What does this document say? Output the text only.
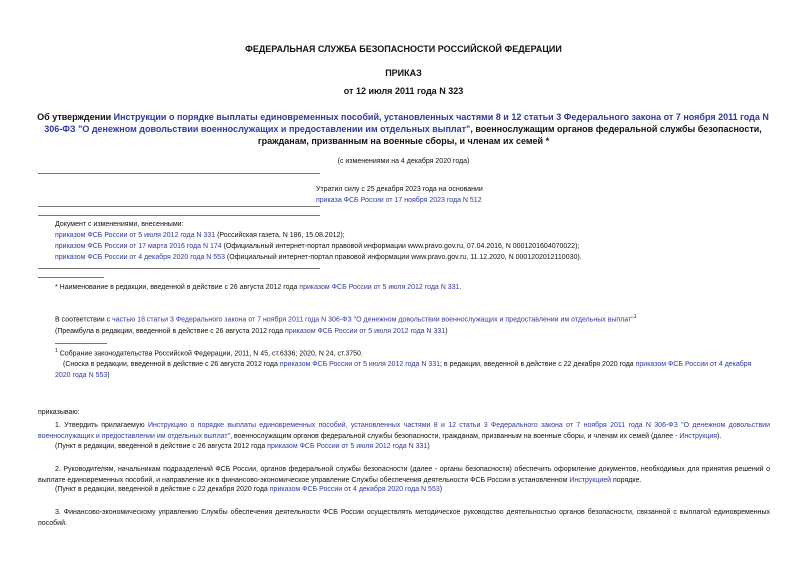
ФЕДЕРАЛЬНАЯ СЛУЖБА БЕЗОПАСНОСТИ РОССИЙСКОЙ ФЕДЕРАЦИИ
ПРИКАЗ
от 12 июля 2011 года N 323
Об утверждении Инструкции о порядке выплаты единовременных пособий, установленных частями 8 и 12 статьи 3 Федерального закона от 7 ноября 2011 года N
306-ФЗ "О денежном довольствии военнослужащих и предоставлении им отдельных выплат", военнослужащим органов федеральной службы безопасности,
гражданам, призванным на военные сборы, и членам их семей *
(с изменениями на 4 декабря 2020 года)
Утратил силу с 25 декабря 2023 года на основании
приказа ФСБ России от 17 ноября 2023 года N 512
Документ с изменениями, внесенными:
приказом ФСБ России от 5 июля 2012 года N 331 (Российская газета, N 186, 15.08.2012);
приказом ФСБ России от 17 марта 2016 года N 174 (Официальный интернет-портал правовой информации www.pravo.gov.ru, 07.04.2016, N 0001201604070022);
приказом ФСБ России от 4 декабря 2020 года N 553 (Официальный интернет-портал правовой информации www.pravo.gov.ru, 11.12.2020, N 0001202012110030).
* Наименование в редакции, введенной в действие с 26 августа 2012 года приказом ФСБ России от 5 июля 2012 года N 331.
В соответствии с частью 18 статьи 3 Федерального закона от 7 ноября 2011 года N 306-ФЗ "О денежном довольствии военнослужащих и предоставлении им отдельных выплат"$^1$
(Преамбула в редакции, введенной в действие с 26 августа 2012 года приказом ФСБ России от 5 июля 2012 года N 331)
$^1$ Собрание законодательства Российской Федерации, 2011, N 45, ст.6336; 2020, N 24, ст.3750.
(Сноска в редакции, введенной в действие с 26 августа 2012 года приказом ФСБ России от 5 июля 2012 года N 331; в редакции, введенной в действие с 22 декабря 2020 года приказом ФСБ России от 4 декабря
2020 года N 553)
приказываю:

1. Утвердить прилагаемую Инструкцию о порядке выплаты единовременных пособий, установленных частями 8 и 12 статьи 3 Федерального закона от 7 ноября 2011 года N 306-ФЗ "О денежном довольствии военнослужащих и предоставлении им отдельных выплат", военнослужащим органов федеральной службы безопасности, гражданам, призванным на военные сборы, и членам их семей (далее - Инструкция).

(Пункт в редакции, введенной в действие с 26 августа 2012 года приказом ФСБ России от 5 июля 2012 года N 331)

2. Руководителям, начальникам подразделений ФСБ России, органов федеральной службы безопасности (далее - органы безопасности) обеспечить оформление документов, необходимых для принятия решений о выплате единовременных пособий, и направление их в финансово-экономическое управление Службы обеспечения деятельности ФСБ России в установленном Инструкцией порядке.

(Пункт в редакции, введенной в действие с 22 декабря 2020 года приказом ФСБ России от 4 декабря 2020 года N 553)

3. Финансово-экономическому управлению Службы обеспечения деятельности ФСБ России осуществлять методическое руководство деятельностью органов безопасности, связанной с выплатой единовременных пособий.
